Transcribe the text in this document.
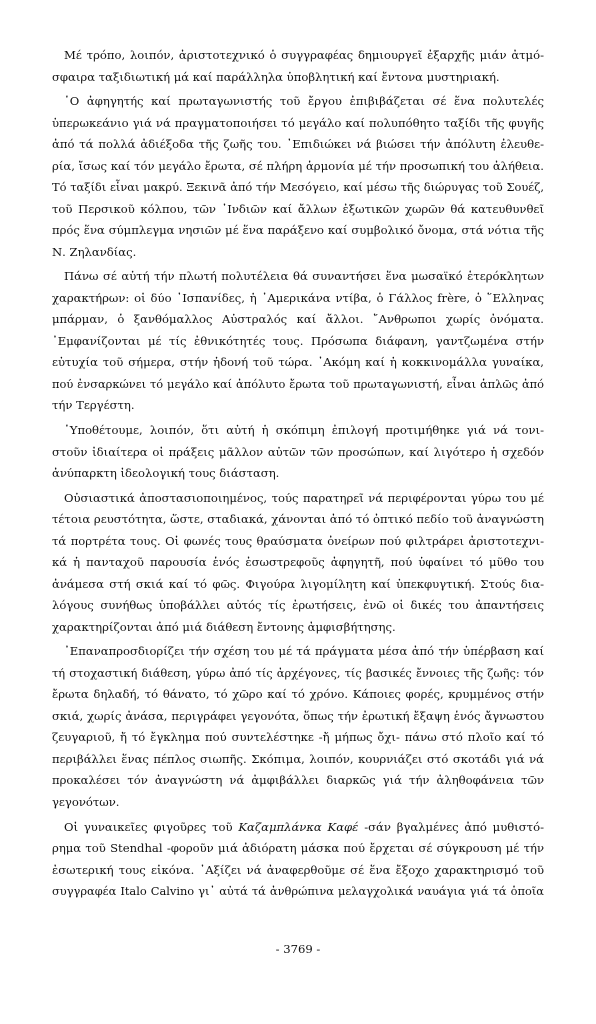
Μέ τρόπο, λοιπόν, ἀριστοτεχνικό ὁ συγγραφέας δημιουργεῖ ἐξαρχῆς μιάν ἀτμό-
σφαιρα ταξιδιωτική μά καί παράλληλα ὑποβλητική καί ἔντονα μυστηριακή.
῾Ο ἀφηγητής καί πρωταγωνιστής τοῦ ἔργου ἐπιβιβάζεται σέ ἕνα πολυτελές
ὑπερωκεάνιο γιά νά πραγματοποιήσει τό μεγάλο καί πολυπόθητο ταξίδι τῆς φυγῆς
ἀπό τά πολλά ἀδιέξοδα τῆς ζωῆς του. ᾽Επιδιώκει νά βιώσει τήν ἀπόλυτη ἐλευθε-
ρία, ἴσως καί τόν μεγάλο ἔρωτα, σέ πλήρη ἁρμονία μέ τήν προσωπική του ἀλήθεια.
Τό ταξίδι εἶναι μακρύ. Ξεκινᾶ ἀπό τήν Μεσόγειο, καί μέσω τῆς διώρυγας τοῦ Σουέζ,
τοῦ Περσικοῦ κόλπου, τῶν ᾽Ινδιῶν καί ἄλλων ἐξωτικῶν χωρῶν θά κατευθυνθεῖ
πρός ἕνα σύμπλεγμα νησιῶν μέ ἕνα παράξενο καί συμβολικό ὄνομα, στά νότια τῆς
Ν. Ζηλανδίας.
Πάνω σέ αὐτή τήν πλωτή πολυτέλεια θά συναντήσει ἕνα μωσαϊκό ἑτερόκλητων
χαρακτήρων: οἱ δύο ᾽Ισπανίδες, ἡ ᾽Αμερικάνα ντίβα, ὁ Γάλλος frère, ὁ ῞Ελληνας
μπάρμαν, ὁ ξανθόμαλλος Αὐστραλός καί ἄλλοι. ῎Ανθρωποι χωρίς ὀνόματα.
᾽Εμφανίζονται μέ τίς ἐθνικότητές τους. Πρόσωπα διάφανη, γαντζωμένα στήν
εὐτυχία τοῦ σήμερα, στήν ἡδονή τοῦ τώρα. ᾽Ακόμη καί ἡ κοκκινομάλλα γυναίκα,
πού ἐνσαρκώνει τό μεγάλο καί ἀπόλυτο ἔρωτα τοῦ πρωταγωνιστή, εἶναι ἁπλῶς ἀπό
τήν Τεργέστη.
῾Υποθέτουμε, λοιπόν, ὅτι αὐτή ἡ σκόπιμη ἐπιλογή προτιμήθηκε γιά νά τονι-
στοῦν ἰδιαίτερα οἱ πράξεις μᾶλλον αὐτῶν τῶν προσώπων, καί λιγότερο ἡ σχεδόν
ἀνύπαρκτη ἰδεολογική τους διάσταση.
Οὐσιαστικά ἀποστασιοποιημένος, τούς παρατηρεῖ νά περιφέρονται γύρω του μέ
τέτοια ρευστότητα, ὥστε, σταδιακά, χάνονται ἀπό τό ὀπτικό πεδίο τοῦ ἀναγνώστη
τά πορτρέτα τους. Οἱ φωνές τους θραύσματα ὀνείρων πού φιλτράρει ἀριστοτεχνι-
κά ἡ πανταχοῦ παρουσία ἑνός ἐσωστρεφοῦς ἀφηγητῆ, πού ὑφαίνει τό μῦθο του
ἀνάμεσα στή σκιά καί τό φῶς. Φιγούρα λιγομίλητη καί ὑπεκφυγτική. Στούς δια-
λόγους συνήθως ὑποβάλλει αὐτός τίς ἐρωτήσεις, ἐνῶ οἱ δικές του ἀπαντήσεις
χαρακτηρίζονται ἀπό μιά διάθεση ἔντονης ἀμφισβήτησης.
᾽Επαναπροσδιορίζει τήν σχέση του μέ τά πράγματα μέσα ἀπό τήν ὑπέρβαση καί
τή στοχαστική διάθεση, γύρω ἀπό τίς ἀρχέγονες, τίς βασικές ἔννοιες τῆς ζωῆς: τόν
ἔρωτα δηλαδή, τό θάνατο, τό χῶρο καί τό χρόνο. Κάποιες φορές, κρυμμένος στήν
σκιά, χωρίς ἀνάσα, περιγράφει γεγονότα, ὅπως τήν ἐρωτική ἔξαψη ἑνός ἄγνωστου
ζευγαριοῦ, ἤ τό ἔγκλημα πού συντελέστηκε -ἤ μήπως ὄχι- πάνω στό πλοῖο καί τό
περιβάλλει ἕνας πέπλος σιωπῆς. Σκόπιμα, λοιπόν, κουρνιάζει στό σκοτάδι γιά νά
προκαλέσει τόν ἀναγνώστη νά ἀμφιβάλλει διαρκῶς γιά τήν ἀληθοφάνεια τῶν
γεγονότων.
Οἱ γυναικεῖες φιγοῦρες τοῦ Καζαμπλάνκα Καφέ -σάν βγαλμένες ἀπό μυθιστό-
ρημα τοῦ Stendhal -φοροῦν μιά ἀδιόρατη μάσκα πού ἔρχεται σέ σύγκρουση μέ τήν
ἐσωτερική τους εἰκόνα. ᾽Αξίζει νά ἀναφερθοῦμε σέ ἕνα ἔξοχο χαρακτηρισμό τοῦ
συγγραφέα Italo Calvino γι᾽ αὐτά τά ἀνθρώπινα μελαγχολικά ναυάγια γιά τά ὁποῖα
- 3769 -
